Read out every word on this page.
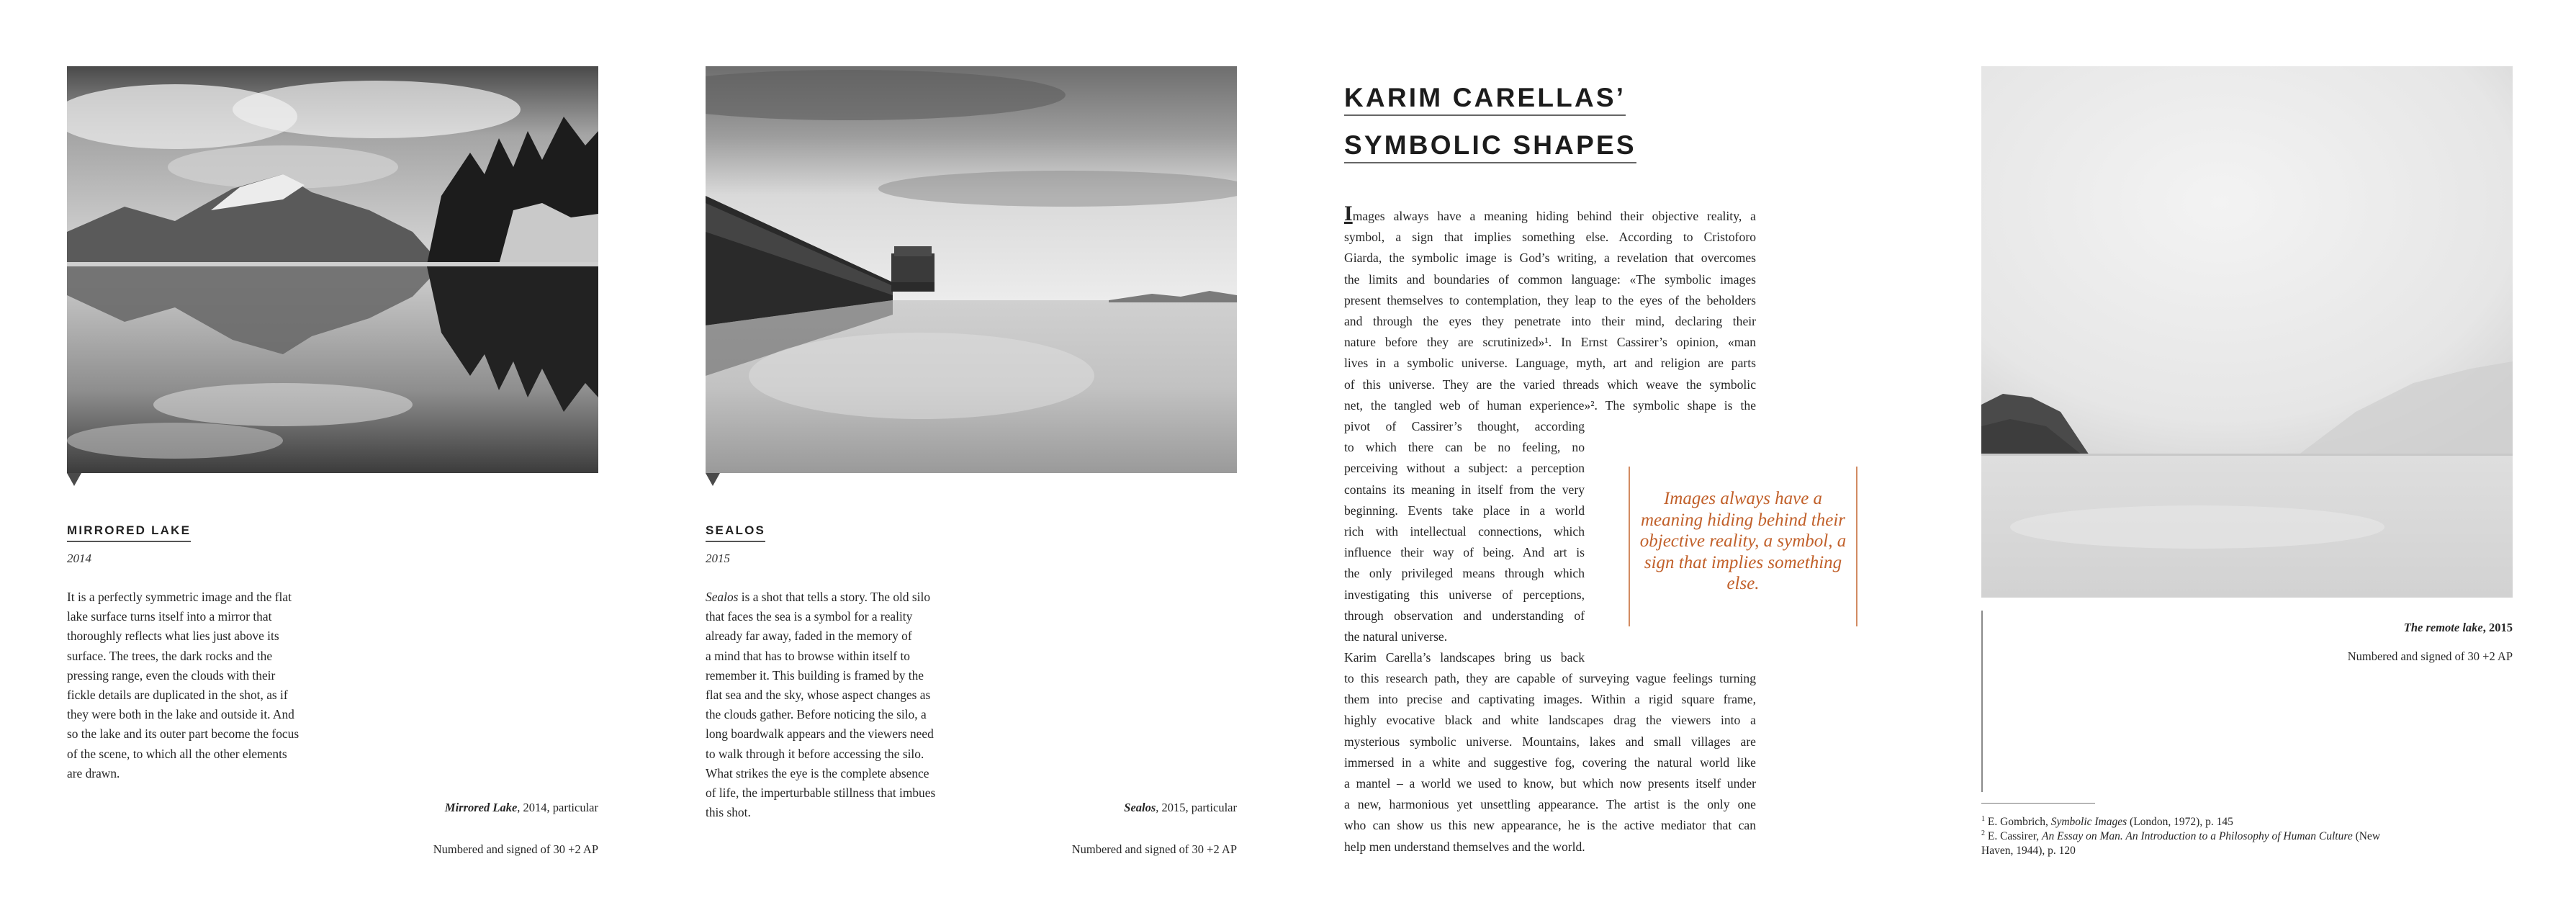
MIRRORED LAKE
2014
It is a perfectly symmetric image and the flat
lake surface turns itself into a mirror that
thoroughly reflects what lies just above its
surface. The trees, the dark rocks and the
pressing range, even the clouds with their
fickle details are duplicated in the shot, as if
they were both in the lake and outside it. And
so the lake and its outer part become the focus
of the scene, to which all the other elements
are drawn.
Mirrored Lake, 2014, particular
Numbered and signed of 30 +2 AP
SEALOS
2015
Sealos is a shot that tells a story. The old silo
that faces the sea is a symbol for a reality
already far away, faded in the memory of
a mind that has to browse within itself to
remember it. This building is framed by the
flat sea and the sky, whose aspect changes as
the clouds gather. Before noticing the silo, a
long boardwalk appears and the viewers need
to walk through it before accessing the silo.
What strikes the eye is the complete absence
of life, the imperturbable stillness that imbues
this shot.	Sealos, 2015, particular
Numbered and signed of 30 +2 AP
KARIM CARELLAS’
SYMBOLIC SHAPES
Images always have a meaning hiding behind their objective reality, a
symbol, a sign that implies something else. According to Cristoforo
Giarda, the symbolic image is God’s writing, a revelation that overcomes
the limits and boundaries of common language: «The symbolic images
present themselves to contemplation, they leap to the eyes of the beholders
and through the eyes they penetrate into their mind, declaring their
nature before they are scrutinized»¹. In Ernst Cassirer’s opinion, «man
lives in a symbolic universe. Language, myth, art and religion are parts
of this universe. They are the varied threads which weave the symbolic
net, the tangled web of human experience»². The symbolic shape is the
pivot of Cassirer’s thought, according
to which there can be no feeling, no
perceiving without a subject: a perception
contains its meaning in itself from the very
beginning. Events take place in a world
rich with intellectual connections, which
influence their way of being. And art is
the only privileged means through which
investigating this universe of perceptions,
through observation and understanding of
the natural universe.
Karim Carella’s landscapes bring us back
Images always have a meaning hiding behind their objective reality, a symbol, a sign that implies something else.
to this research path, they are capable of surveying vague feelings turning
them into precise and captivating images. Within a rigid square frame,
highly evocative black and white landscapes drag the viewers into a
mysterious symbolic universe. Mountains, lakes and small villages are
immersed in a white and suggestive fog, covering the natural world like
a mantel – a world we used to know, but which now presents itself under
a new, harmonious yet unsettling appearance. The artist is the only one
who can show us this new appearance, he is the active mediator that can
help men understand themselves and the world.
The remote lake, 2015
Numbered and signed of 30 +2 AP
$^1$ E. Gombrich, Symbolic Images (London, 1972), p. 145
$^2$ E. Cassirer, An Essay on Man. An Introduction to a Philosophy of Human Culture (New Haven, 1944), p. 120
